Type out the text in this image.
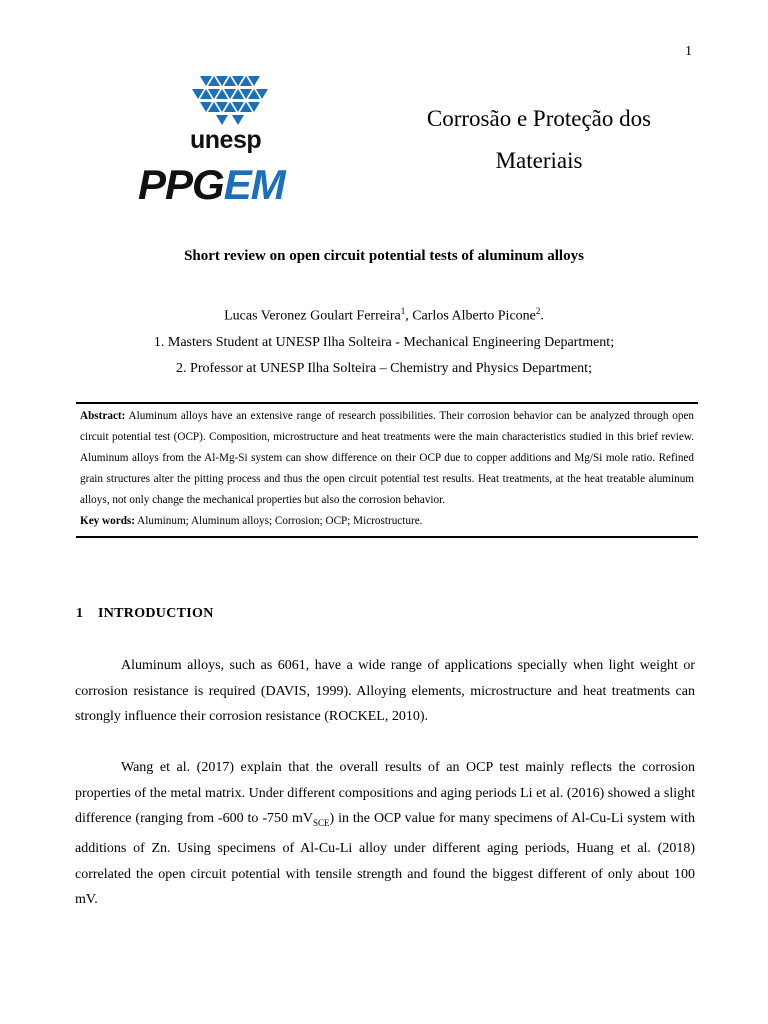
1
unesp
PPGEM
Corrosão e Proteção dos
Materiais
Short review on open circuit potential tests of aluminum alloys
Lucas Veronez Goulart Ferreira$^1$, Carlos Alberto Picone$^2$.
1. Masters Student at UNESP Ilha Solteira - Mechanical Engineering Department;
2. Professor at UNESP Ilha Solteira – Chemistry and Physics Department;
Abstract: Aluminum alloys have an extensive range of research possibilities. Their corrosion behavior can be analyzed through open circuit potential test (OCP). Composition, microstructure and heat treatments were the main characteristics studied in this brief review. Aluminum alloys from the Al-Mg-Si system can show difference on their OCP due to copper additions and Mg/Si mole ratio. Refined grain structures alter the pitting process and thus the open circuit potential test results. Heat treatments, at the heat treatable aluminum alloys, not only change the mechanical properties but also the corrosion behavior.
Key words: Aluminum; Aluminum alloys; Corrosion; OCP; Microstructure.
1 INTRODUCTION
Aluminum alloys, such as 6061, have a wide range of applications specially when light weight or corrosion resistance is required (DAVIS, 1999). Alloying elements, microstructure and heat treatments can strongly influence their corrosion resistance (ROCKEL, 2010).
Wang et al. (2017) explain that the overall results of an OCP test mainly reflects the corrosion properties of the metal matrix. Under different compositions and aging periods Li et al. (2016) showed a slight difference (ranging from -600 to -750 $mV_{SCE}$) in the OCP value for many specimens of Al-Cu-Li system with additions of Zn. Using specimens of Al-Cu-Li alloy under different aging periods, Huang et al. (2018) correlated the open circuit potential with tensile strength and found the biggest different of only about 100 mV.
